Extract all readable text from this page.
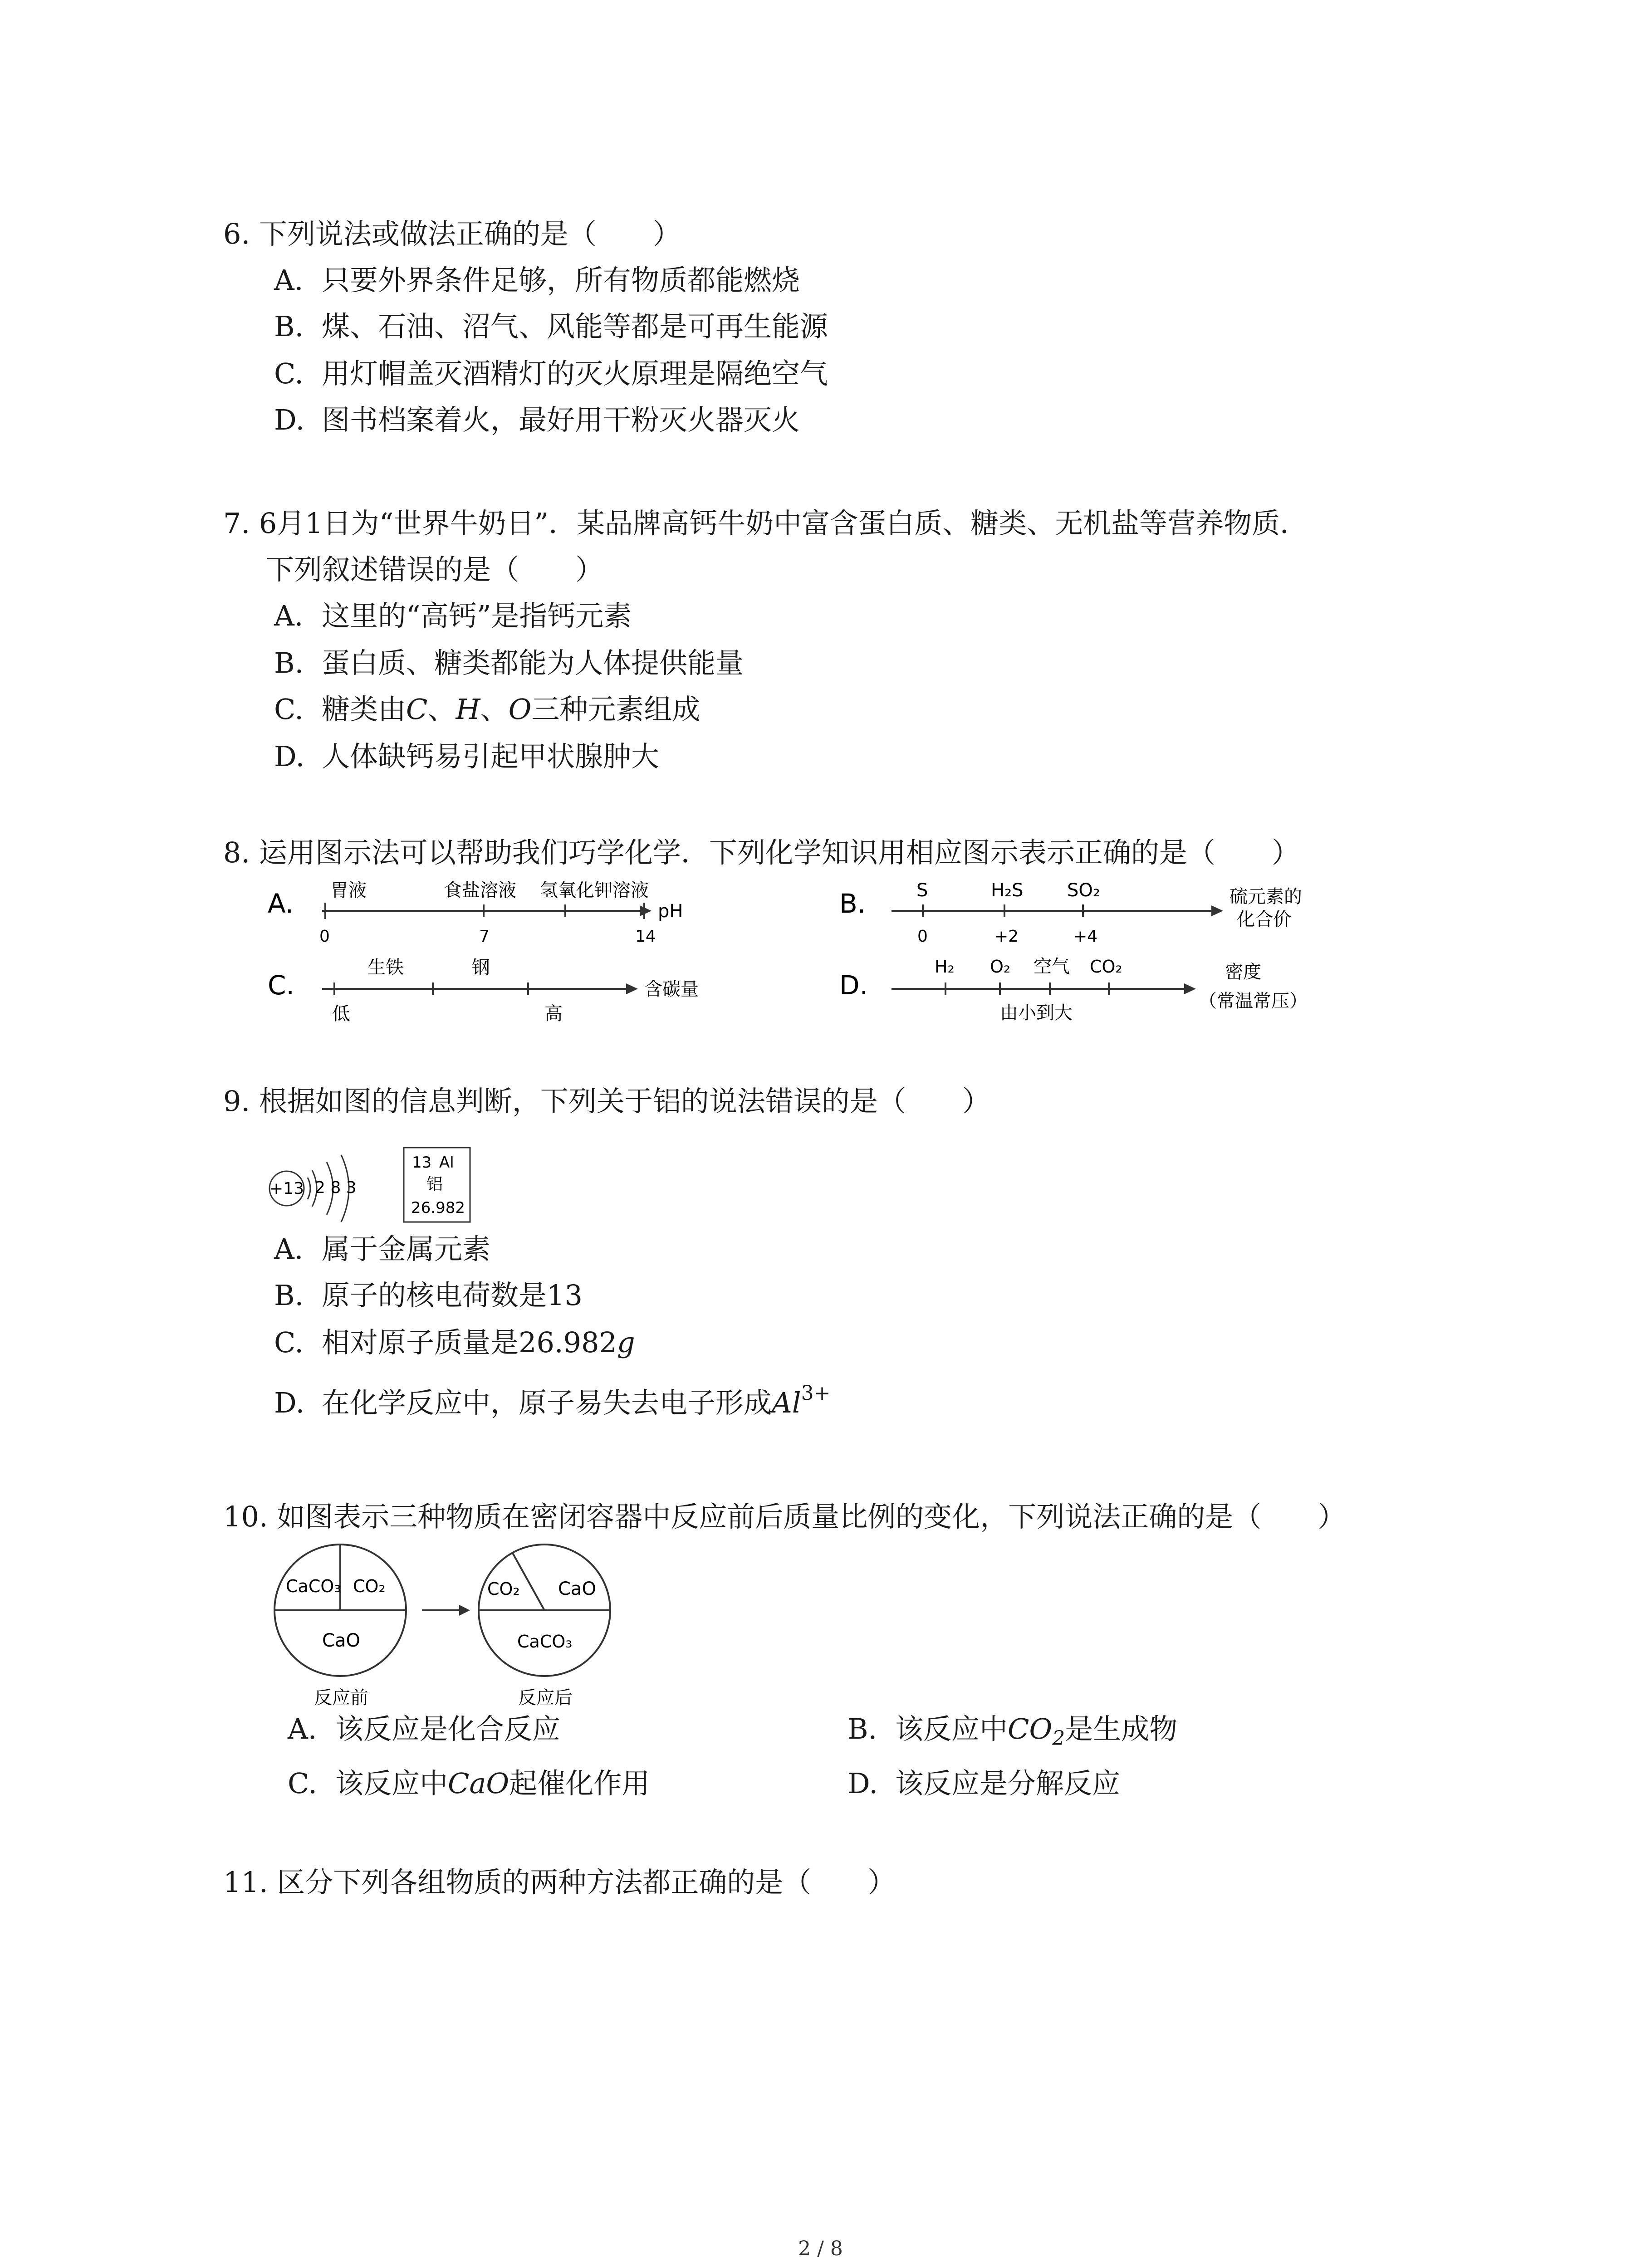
6. 下列说法或做法正确的是（　　）
A. 只要外界条件足够，所有物质都能燃烧
B. 煤、石油、沼气、风能等都是可再生能源
C. 用灯帽盖灭酒精灯的灭火原理是隔绝空气
D. 图书档案着火，最好用干粉灭火器灭火
7. 6月1日为“世界牛奶日”．某品牌高钙牛奶中富含蛋白质、糖类、无机盐等营养物质．
下列叙述错误的是（　　）
A. 这里的“高钙”是指钙元素
B. 蛋白质、糖类都能为人体提供能量
C. 糖类由C、H、O三种元素组成
D. 人体缺钙易引起甲状腺肿大
8. 运用图示法可以帮助我们巧学化学．下列化学知识用相应图示表示正确的是（　　）
A. 胃液	食盐溶液 氢氧化钾溶液
0	7	14
pH	B.	S	H₂S SO₂
0	+2	+4
硫元素的
化合价
C.
生铁	钢
低	高
含碳量	D.
H₂ O₂ 空气 CO₂
由小到大
密度
（常温常压）
9. 根据如图的信息判断，下列关于铝的说法错误的是（　　）
+13 2 8 3
13 Al
铝
26.982
A. 属于金属元素
B. 原子的核电荷数是13
C. 相对原子质量是26.982g
D. 在化学反应中，原子易失去电子形成$Al^{3+}$
10. 如图表示三种物质在密闭容器中反应前后质量比例的变化，下列说法正确的是（　　）
CaCO₃ CO₂
CaO
反应前
CO₂ CaO
CaCO₃
反应后
A. 该反应是化合反应	B. 该反应中$CO_2$是生成物
C. 该反应中CaO起催化作用	D. 该反应是分解反应
11. 区分下列各组物质的两种方法都正确的是（　　）
2 / 8
